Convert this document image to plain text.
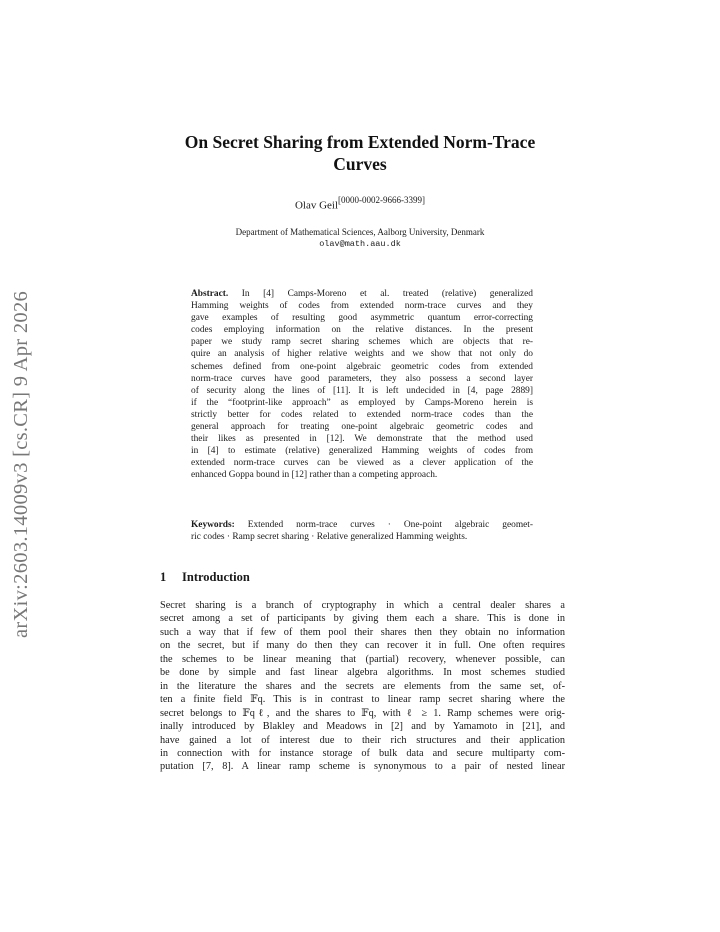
arXiv:2603.14009v3 [cs.CR] 9 Apr 2026
On Secret Sharing from Extended Norm-Trace
Curves
Olav Geil[0000-0002-9666-3399]
Department of Mathematical Sciences, Aalborg University, Denmark
olav@math.aau.dk
Abstract. In [4] Camps-Moreno et al. treated (relative) generalized
Hamming weights of codes from extended norm-trace curves and they
gave examples of resulting good asymmetric quantum error-correcting
codes employing information on the relative distances. In the present
paper we study ramp secret sharing schemes which are objects that re-
quire an analysis of higher relative weights and we show that not only do
schemes defined from one-point algebraic geometric codes from extended
norm-trace curves have good parameters, they also possess a second layer
of security along the lines of [11]. It is left undecided in [4, page 2889]
if the “footprint-like approach” as employed by Camps-Moreno herein is
strictly better for codes related to extended norm-trace codes than the
general approach for treating one-point algebraic geometric codes and
their likes as presented in [12]. We demonstrate that the method used
in [4] to estimate (relative) generalized Hamming weights of codes from
extended norm-trace curves can be viewed as a clever application of the
enhanced Goppa bound in [12] rather than a competing approach.
Keywords: Extended norm-trace curves · One-point algebraic geomet-
ric codes · Ramp secret sharing · Relative generalized Hamming weights.
1 Introduction
Secret sharing is a branch of cryptography in which a central dealer shares a
secret among a set of participants by giving them each a share. This is done in
such a way that if few of them pool their shares then they obtain no information
on the secret, but if many do then they can recover it in full. One often requires
the schemes to be linear meaning that (partial) recovery, whenever possible, can
be done by simple and fast linear algebra algorithms. In most schemes studied
in the literature the shares and the secrets are elements from the same set, of-
ten a finite field 𝔽q. This is in contrast to linear ramp secret sharing where the
secret belongs to 𝔽qℓ, and the shares to 𝔽q, with ℓ ≥ 1. Ramp schemes were orig-
inally introduced by Blakley and Meadows in [2] and by Yamamoto in [21], and
have gained a lot of interest due to their rich structures and their application
in connection with for instance storage of bulk data and secure multiparty com-
putation [7, 8]. A linear ramp scheme is synonymous to a pair of nested linear
